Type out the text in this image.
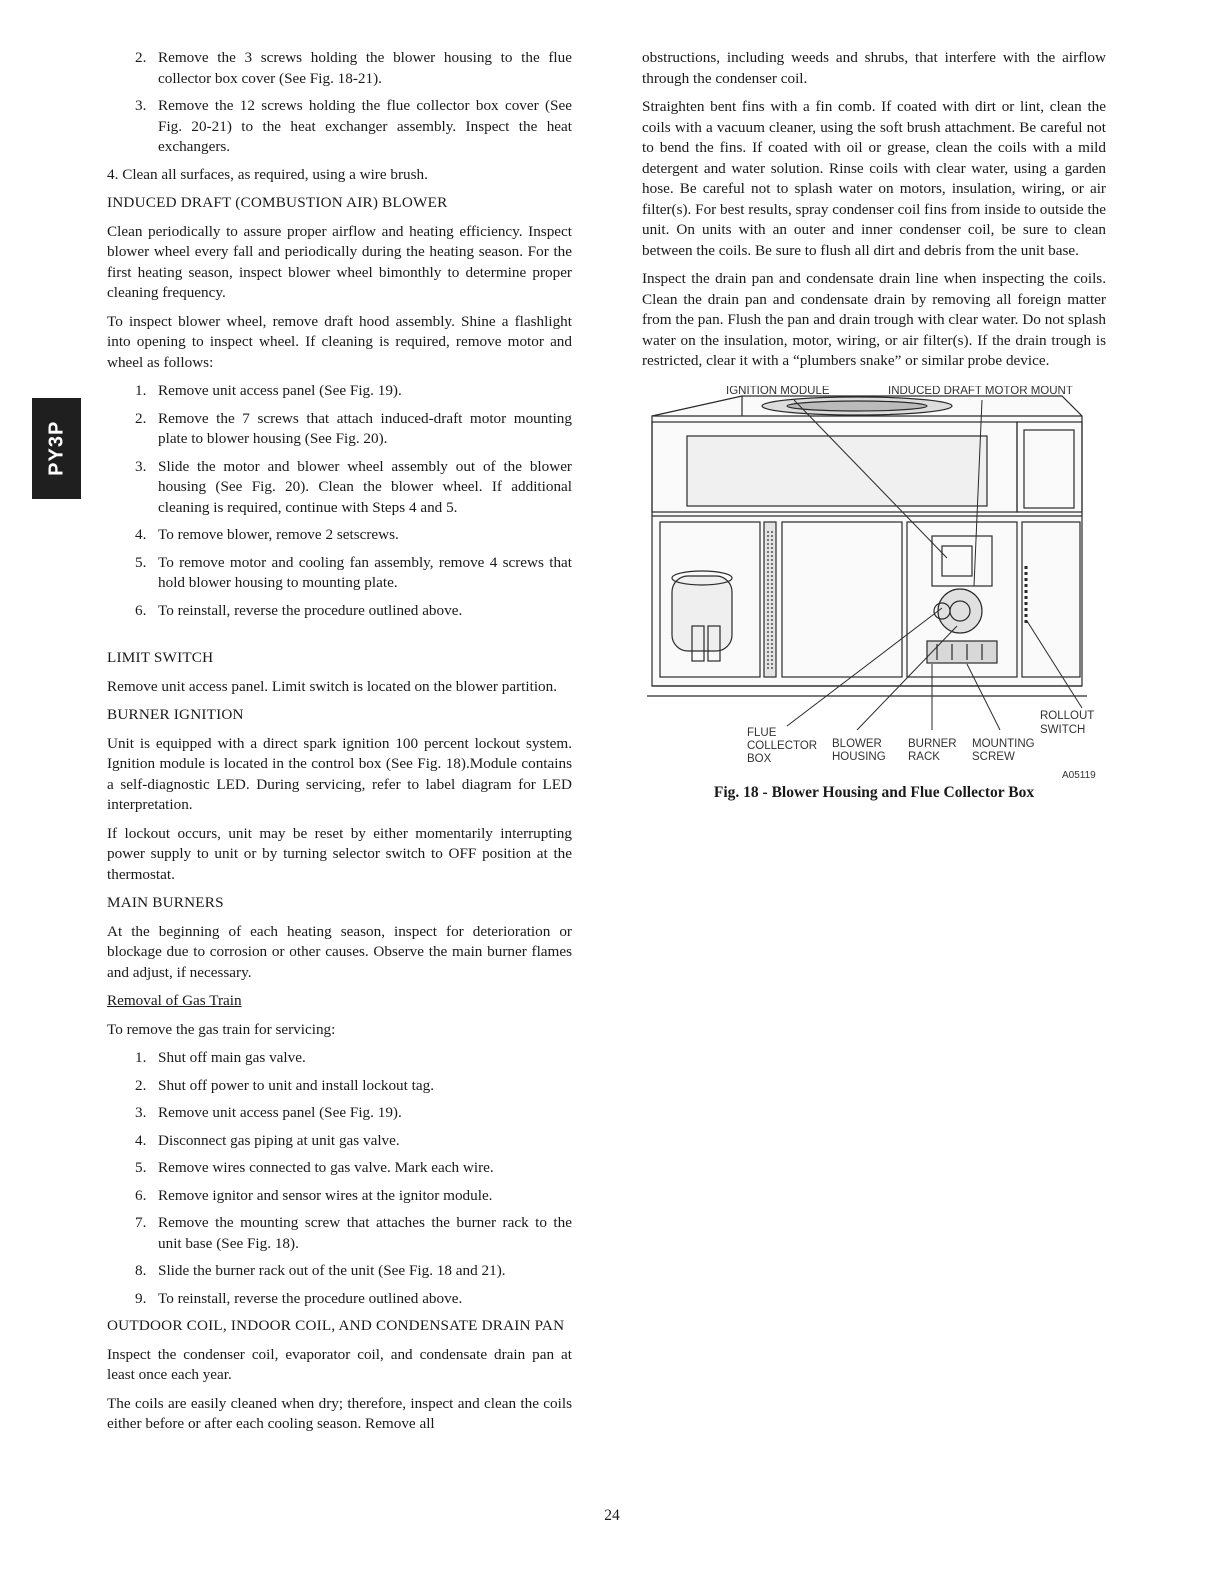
PY3P
2. Remove the 3 screws holding the blower housing to the flue collector box cover (See Fig. 18-21).
3. Remove the 12 screws holding the flue collector box cover (See Fig. 20-21) to the heat exchanger assembly. Inspect the heat exchangers.

4. Clean all surfaces, as required, using a wire brush.

INDUCED DRAFT (COMBUSTION AIR) BLOWER

Clean periodically to assure proper airflow and heating efficiency. Inspect blower wheel every fall and periodically during the heating season. For the first heating season, inspect blower wheel bimonthly to determine proper cleaning frequency.

To inspect blower wheel, remove draft hood assembly. Shine a flashlight into opening to inspect wheel. If cleaning is required, remove motor and wheel as follows:

1. Remove unit access panel (See Fig. 19).
2. Remove the 7 screws that attach induced-draft motor mounting plate to blower housing (See Fig. 20).
3. Slide the motor and blower wheel assembly out of the blower housing (See Fig. 20). Clean the blower wheel. If additional cleaning is required, continue with Steps 4 and 5.
4. To remove blower, remove 2 setscrews.
5. To remove motor and cooling fan assembly, remove 4 screws that hold blower housing to mounting plate.
6. To reinstall, reverse the procedure outlined above.
LIMIT SWITCH

Remove unit access panel. Limit switch is located on the blower partition.

BURNER IGNITION

Unit is equipped with a direct spark ignition 100 percent lockout system. Ignition module is located in the control box (See Fig. 18).Module contains a self-diagnostic LED. During servicing, refer to label diagram for LED interpretation.

If lockout occurs, unit may be reset by either momentarily interrupting power supply to unit or by turning selector switch to OFF position at the thermostat.

MAIN BURNERS

At the beginning of each heating season, inspect for deterioration or blockage due to corrosion or other causes. Observe the main burner flames and adjust, if necessary.

Removal of Gas Train

To remove the gas train for servicing:

1. Shut off main gas valve.
2. Shut off power to unit and install lockout tag.
3. Remove unit access panel (See Fig. 19).
4. Disconnect gas piping at unit gas valve.
5. Remove wires connected to gas valve. Mark each wire.
6. Remove ignitor and sensor wires at the ignitor module.
7. Remove the mounting screw that attaches the burner rack to the unit base (See Fig. 18).
8. Slide the burner rack out of the unit (See Fig. 18 and 21).
9. To reinstall, reverse the procedure outlined above.
OUTDOOR COIL, INDOOR COIL, AND CONDENSATE DRAIN PAN

Inspect the condenser coil, evaporator coil, and condensate drain pan at least once each year.

The coils are easily cleaned when dry; therefore, inspect and clean the coils either before or after each cooling season. Remove all

obstructions, including weeds and shrubs, that interfere with the airflow through the condenser coil.

Straighten bent fins with a fin comb. If coated with dirt or lint, clean the coils with a vacuum cleaner, using the soft brush attachment. Be careful not to bend the fins. If coated with oil or grease, clean the coils with a mild detergent and water solution. Rinse coils with clear water, using a garden hose. Be careful not to splash water on motors, insulation, wiring, or air filter(s). For best results, spray condenser coil fins from inside to outside the unit. On units with an outer and inner condenser coil, be sure to clean between the coils. Be sure to flush all dirt and debris from the unit base.

Inspect the drain pan and condensate drain line when inspecting the coils. Clean the drain pan and condensate drain by removing all foreign matter from the pan. Flush the pan and drain trough with clear water. Do not splash water on the insulation, motor, wiring, or air filter(s). If the drain trough is restricted, clear it with a “plumbers snake” or similar probe device.

IGNITION MODULE	INDUCED DRAFT MOTOR MOUNT
ROLLOUT
SWITCH
FLUE
COLLECTOR
BOX
BLOWER
HOUSING
BURNER
RACK
MOUNTING
SCREW
A05119
Fig. 18 - Blower Housing and Flue Collector Box
24
